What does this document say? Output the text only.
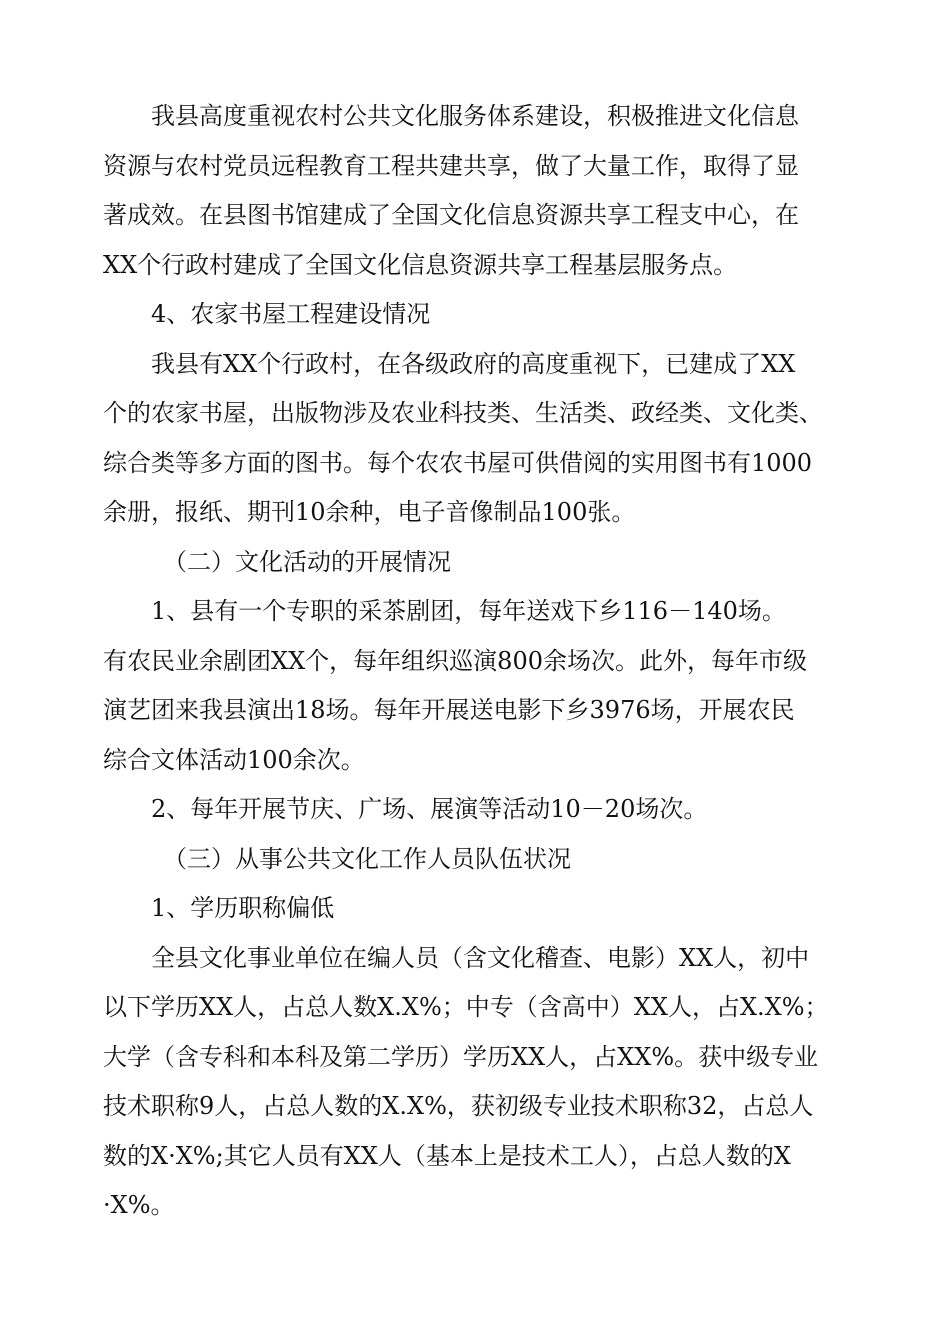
我县高度重视农村公共文化服务体系建设，积极推进文化信息
资源与农村党员远程教育工程共建共享，做了大量工作，取得了显
著成效。在县图书馆建成了全国文化信息资源共享工程支中心，在
XX个行政村建成了全国文化信息资源共享工程基层服务点。
4、农家书屋工程建设情况
我县有XX个行政村，在各级政府的高度重视下，已建成了XX
个的农家书屋，出版物涉及农业科技类、生活类、政经类、文化类、
综合类等多方面的图书。每个农农书屋可供借阅的实用图书有1000
余册，报纸、期刊10余种，电子音像制品100张。
（二）文化活动的开展情况
1、县有一个专职的采茶剧团，每年送戏下乡116－140场。
有农民业余剧团XX个，每年组织巡演800余场次。此外，每年市级
演艺团来我县演出18场。每年开展送电影下乡3976场，开展农民
综合文体活动100余次。
2、每年开展节庆、广场、展演等活动10－20场次。
（三）从事公共文化工作人员队伍状况
1、学历职称偏低
全县文化事业单位在编人员（含文化稽查、电影）XX人，初中
以下学历XX人，占总人数X.X%；中专（含高中）XX人，占X.X%；
大学（含专科和本科及第二学历）学历XX人，占XX%。获中级专业
技术职称9人，占总人数的X.X%，获初级专业技术职称32，占总人
数的X·X%;其它人员有XX人（基本上是技术工人），占总人数的X
·X%。
